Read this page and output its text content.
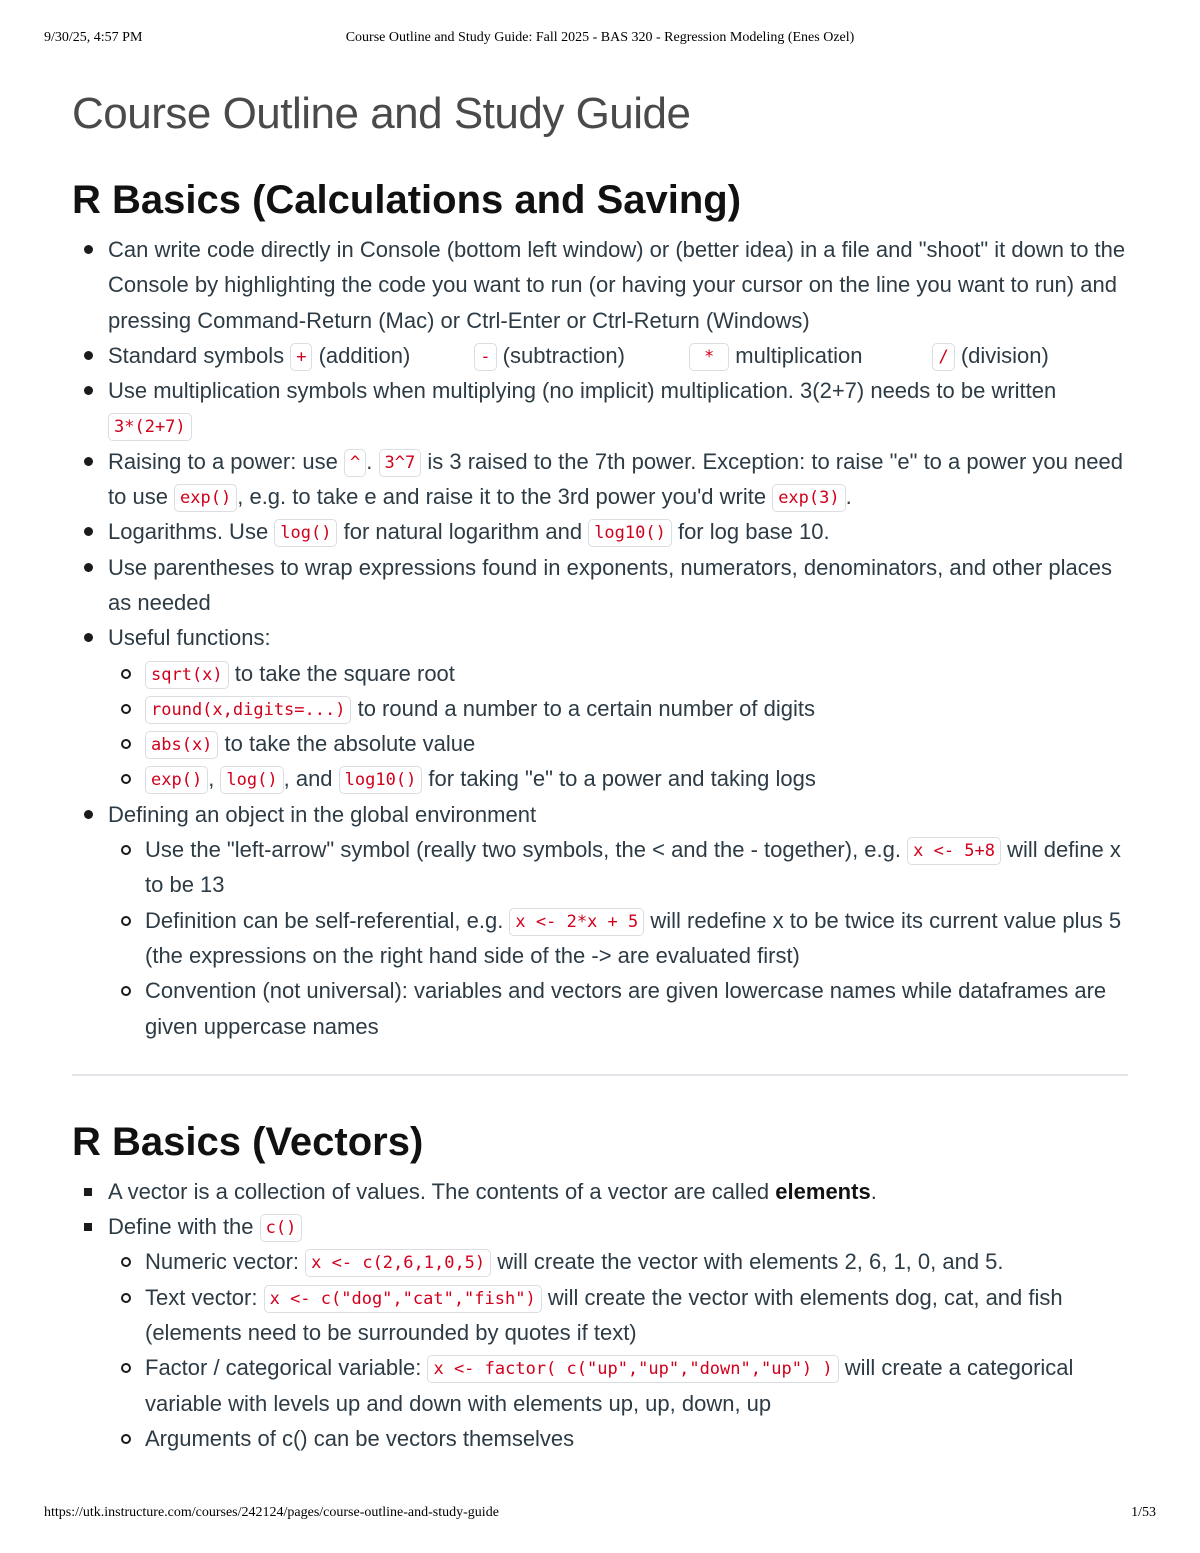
9/30/25, 4:57 PM	Course Outline and Study Guide: Fall 2025 - BAS 320 - Regression Modeling (Enes Ozel)
Course Outline and Study Guide
R Basics (Calculations and Saving)
Can write code directly in Console (bottom left window) or (better idea) in a file and "shoot" it down to the Console by highlighting the code you want to run (or having your cursor on the line you want to run) and pressing Command-Return (Mac) or Ctrl-Enter or Ctrl-Return (Windows)
Standard symbols + (addition)	- (subtraction)	* multiplication	/ (division)
Use multiplication symbols when multiplying (no implicit) multiplication. 3(2+7) needs to be written 3*(2+7)
Raising to a power: use ^ . 3^7 is 3 raised to the 7th power. Exception: to raise "e" to a power you need to use exp() , e.g. to take e and raise it to the 3rd power you'd write exp(3) .
Logarithms. Use log() for natural logarithm and log10() for log base 10.
Use parentheses to wrap expressions found in exponents, numerators, denominators, and other places as needed
Useful functions:
sqrt(x) to take the square root
round(x,digits=...) to round a number to a certain number of digits
abs(x) to take the absolute value
exp() , log() , and log10() for taking "e" to a power and taking logs
Defining an object in the global environment
Use the "left-arrow" symbol (really two symbols, the < and the - together), e.g. x <- 5+8 will define x to be 13
Definition can be self-referential, e.g. x <- 2*x + 5 will redefine x to be twice its current value plus 5 (the expressions on the right hand side of the -> are evaluated first)
Convention (not universal): variables and vectors are given lowercase names while dataframes are given uppercase names
R Basics (Vectors)
A vector is a collection of values. The contents of a vector are called elements.
Define with the c()
Numeric vector: x <- c(2,6,1,0,5) will create the vector with elements 2, 6, 1, 0, and 5.
Text vector: x <- c("dog","cat","fish") will create the vector with elements dog, cat, and fish (elements need to be surrounded by quotes if text)
Factor / categorical variable: x <- factor( c("up","up","down","up") ) will create a categorical variable with levels up and down with elements up, up, down, up
Arguments of c() can be vectors themselves
https://utk.instructure.com/courses/242124/pages/course-outline-and-study-guide	1/53
